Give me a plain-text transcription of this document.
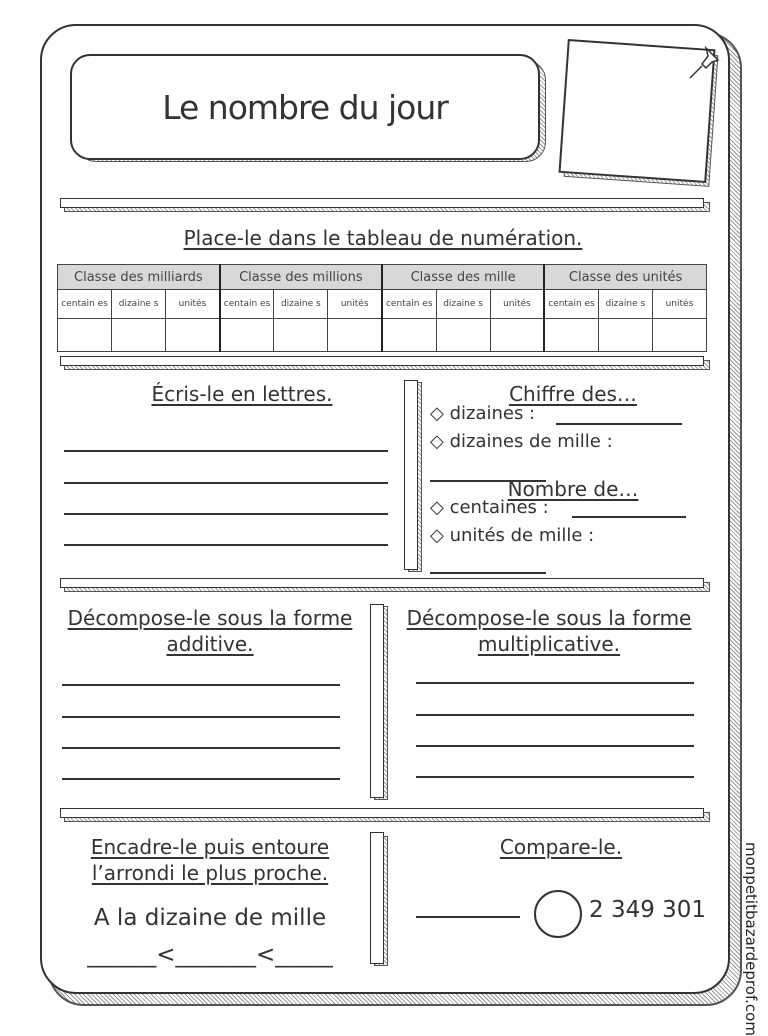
Le nombre du jour
Place-le dans le tableau de numération.
Classe des milliards			Classe des millions			Classe des mille			Classe des unités		
centain es	dizaine s	unités	centain es	dizaine s	unités	centain es	dizaine s	unités	centain es	dizaine s	unités

Écris-le en lettres.	Chiffre des…
◇ dizaines :
◇ dizaines de mille :
Nombre de…
◇ centaines :
◇ unités de mille :
Décompose-le sous la forme
additive.
Décompose-le sous la forme multiplicative.
Encadre-le puis entoure
l’arrondi le plus proche.
A la dizaine de mille
______<_______<_____
Compare-le.
2 349 301 monpetitbazardeprof.com
